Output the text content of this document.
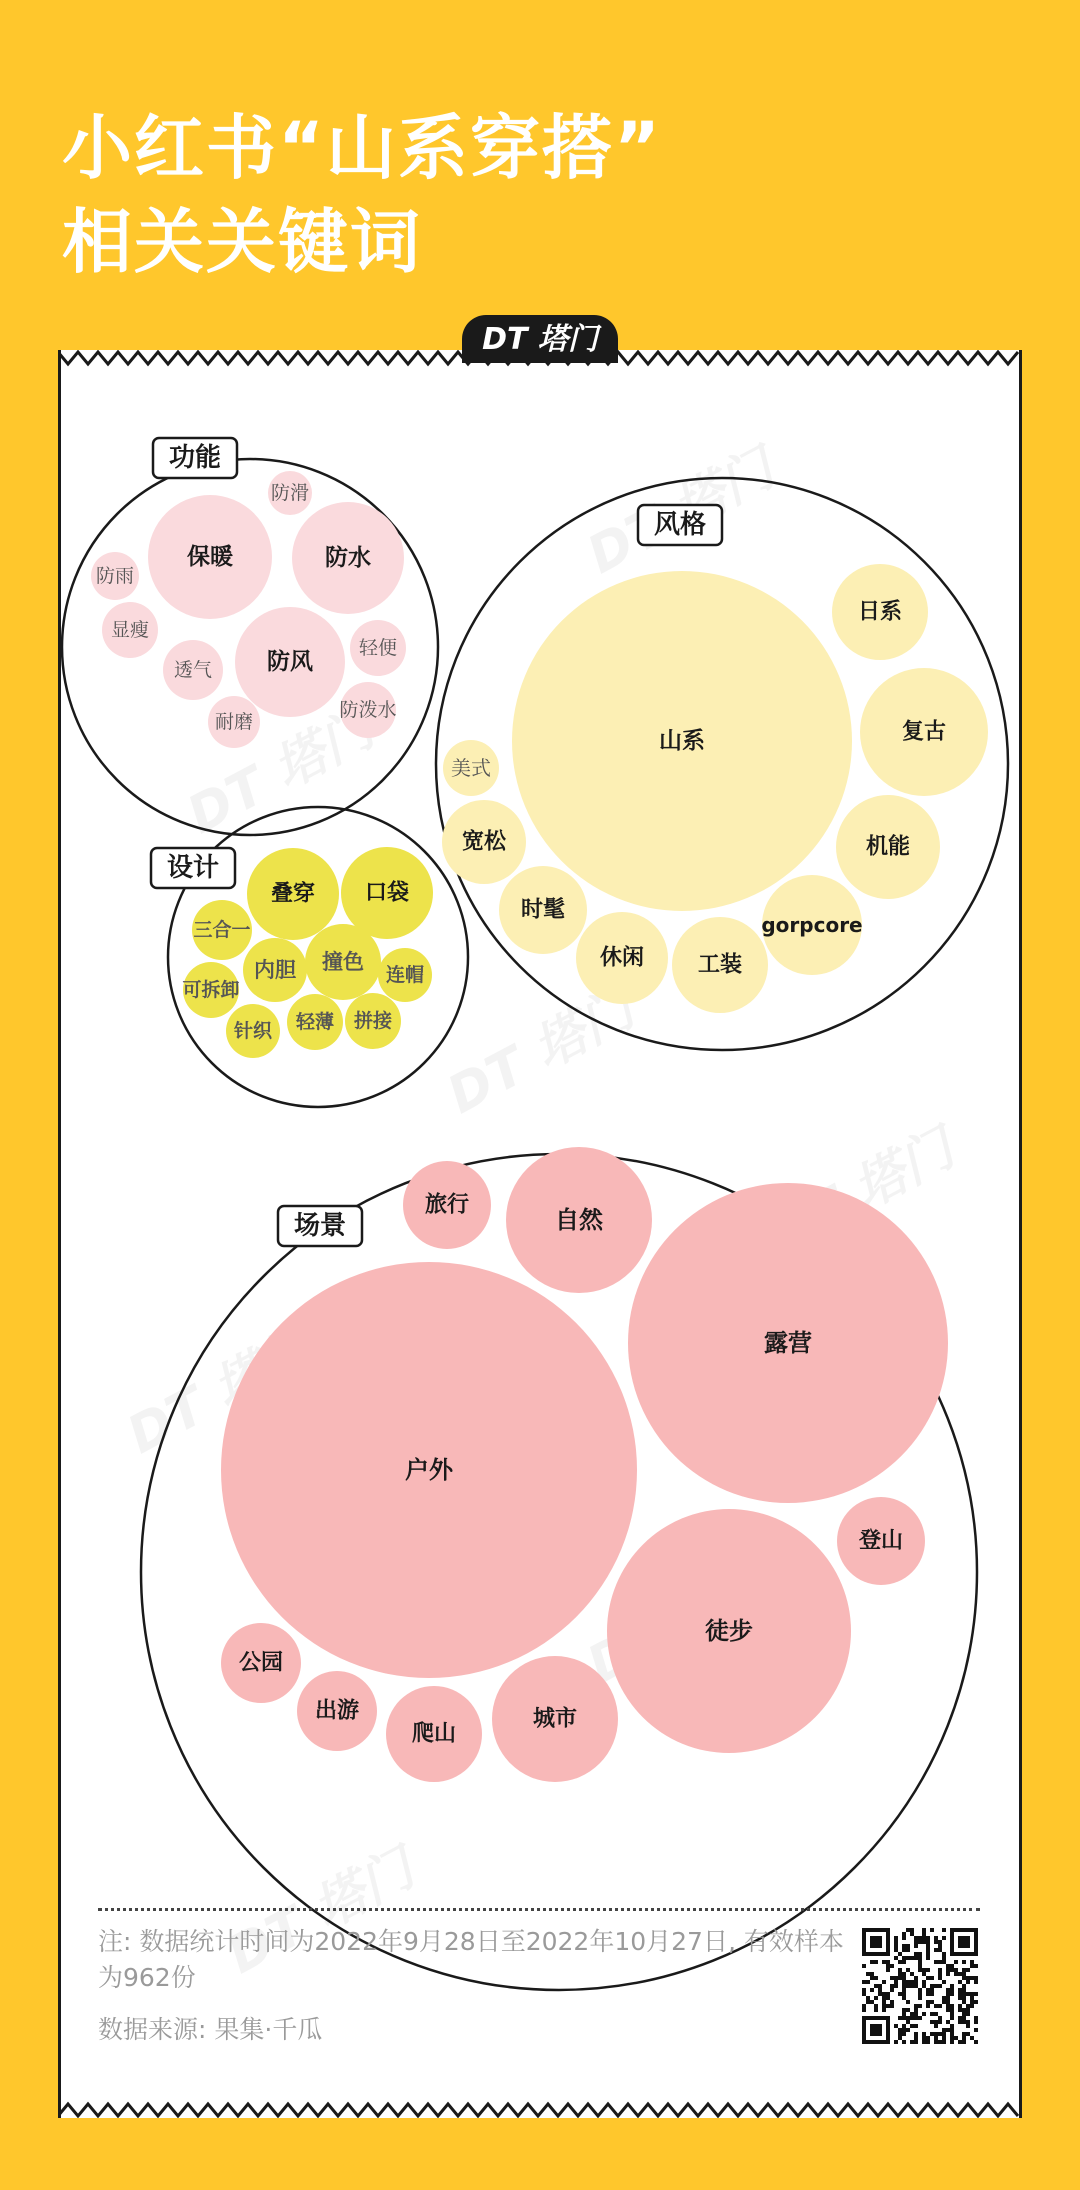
小红书“山系穿搭”
相关关键词
DT 塔门
保暖	防水
防风
防滑
防雨
显瘦
透气
轻便
耐磨
防泼水
功能
山系
日系
复古
机能
gorpcore
工装
休闲
时髦
宽松
美式
风格
叠穿 口袋
三合一
内胆 撞色
连帽
可拆卸
针织 轻薄 拼接
设计
户外
露营
徒步
自然
旅行
登山
城市
爬山
出游
公园
场景
注: 数据统计时间为2022年9月28日至2022年10月27日, 有效样本为962份
数据来源: 果集·千瓜
